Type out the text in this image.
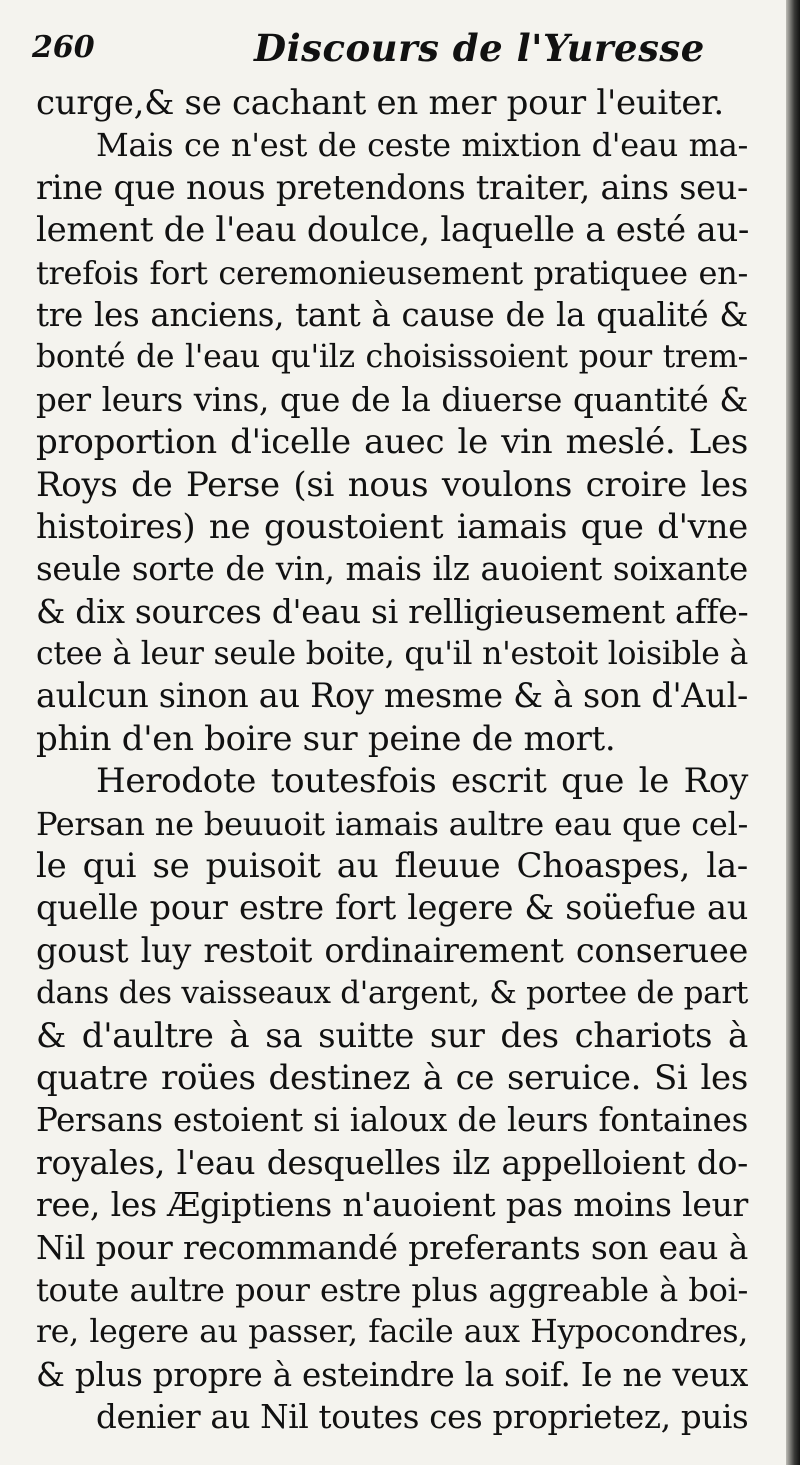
260	Discours de l'Yuresse
curge,& se cachant en mer pour l'euiter.
Mais ce n'est de ceste mixtion d'eau ma-
rine que nous pretendons traiter, ains seu-
lement de l'eau doulce, laquelle a esté au-
trefois fort ceremonieusement pratiquee en-
tre les anciens, tant à cause de la qualité &
bonté de l'eau qu'ilz choisissoient pour trem-
per leurs vins, que de la diuerse quantité &
proportion d'icelle auec le vin meslé. Les
Roys de Perse (si nous voulons croire les
histoires) ne goustoient iamais que d'vne
seule sorte de vin, mais ilz auoient soixante
& dix sources d'eau si relligieusement affe-
ctee à leur seule boite, qu'il n'estoit loisible à
aulcun sinon au Roy mesme & à son d'Aul-
phin d'en boire sur peine de mort.
Herodote toutesfois escrit que le Roy
Persan ne beuuoit iamais aultre eau que cel-
le qui se puisoit au fleuue Choaspes, la-
quelle pour estre fort legere & soüefue au
goust luy restoit ordinairement conseruee
dans des vaisseaux d'argent, & portee de part
& d'aultre à sa suitte sur des chariots à
quatre roües destinez à ce seruice. Si les
Persans estoient si ialoux de leurs fontaines
royales, l'eau desquelles ilz appelloient do-
ree, les Ægiptiens n'auoient pas moins leur
Nil pour recommandé preferants son eau à
toute aultre pour estre plus aggreable à boi-
re, legere au passer, facile aux Hypocondres,
& plus propre à esteindre la soif. Ie ne veux
denier au Nil toutes ces proprietez, puis
